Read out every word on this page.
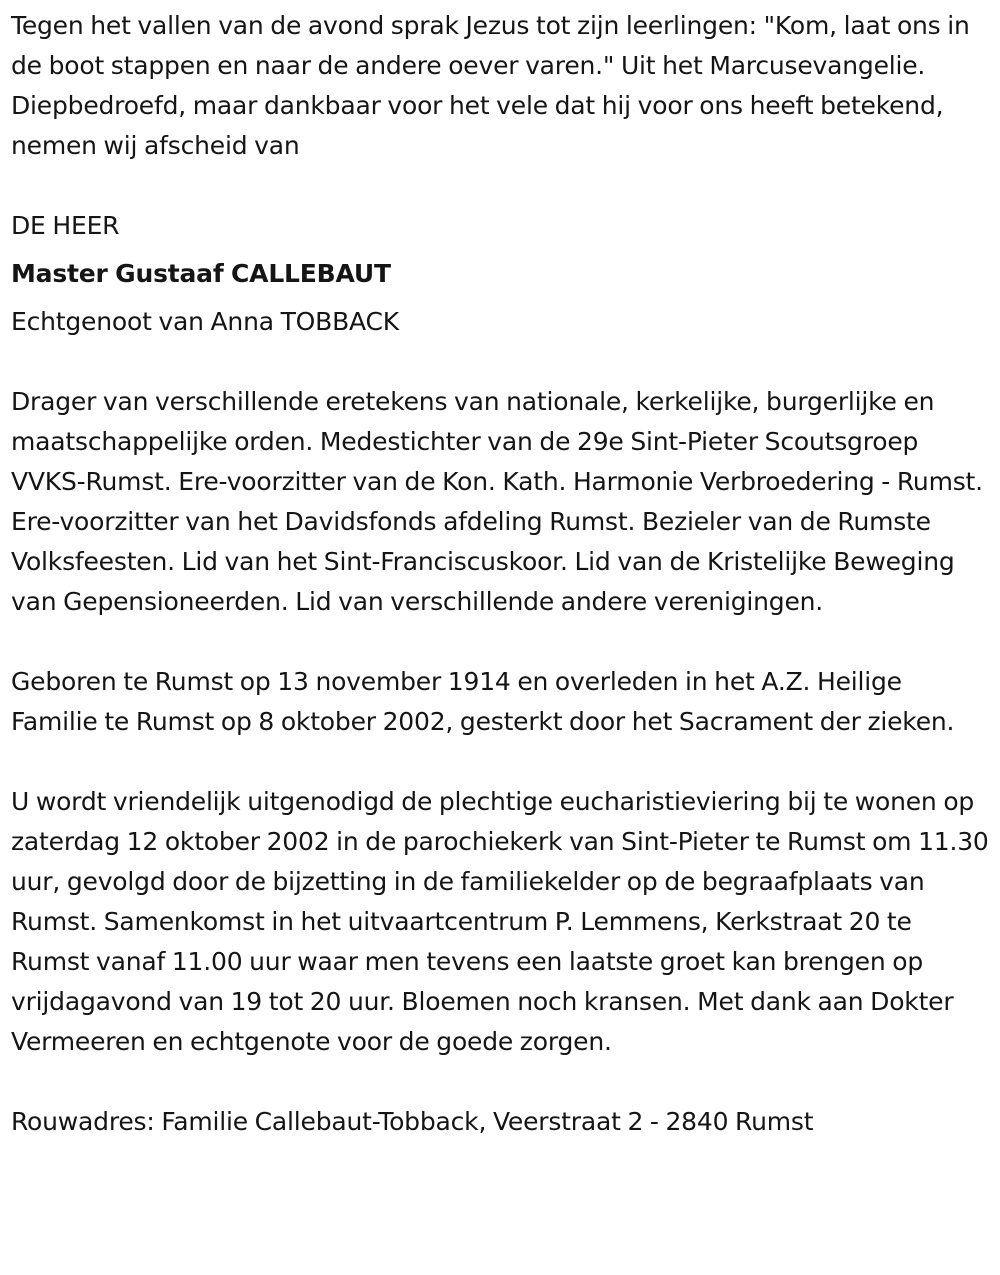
Tegen het vallen van de avond sprak Jezus tot zijn leerlingen: "Kom, laat ons in de boot stappen en naar de andere oever varen." Uit het Marcusevangelie. Diepbedroefd, maar dankbaar voor het vele dat hij voor ons heeft betekend, nemen wij afscheid van

DE HEER

Master Gustaaf CALLEBAUT

Echtgenoot van Anna TOBBACK

Drager van verschillende eretekens van nationale, kerkelijke, burgerlijke en maatschappelijke orden. Medestichter van de 29e Sint-Pieter Scoutsgroep VVKS-Rumst. Ere-voorzitter van de Kon. Kath. Harmonie Verbroedering - Rumst. Ere-voorzitter van het Davidsfonds afdeling Rumst. Bezieler van de Rumste Volksfeesten. Lid van het Sint-Franciscuskoor. Lid van de Kristelijke Beweging van Gepensioneerden. Lid van verschillende andere verenigingen.

Geboren te Rumst op 13 november 1914 en overleden in het A.Z. Heilige Familie te Rumst op 8 oktober 2002, gesterkt door het Sacrament der zieken.

U wordt vriendelijk uitgenodigd de plechtige eucharistieviering bij te wonen op zaterdag 12 oktober 2002 in de parochiekerk van Sint-Pieter te Rumst om 11.30 uur, gevolgd door de bijzetting in de familiekelder op de begraafplaats van Rumst. Samenkomst in het uitvaartcentrum P. Lemmens, Kerkstraat 20 te Rumst vanaf 11.00 uur waar men tevens een laatste groet kan brengen op vrijdagavond van 19 tot 20 uur. Bloemen noch kransen. Met dank aan Dokter Vermeeren en echtgenote voor de goede zorgen.

Rouwadres: Familie Callebaut-Tobback, Veerstraat 2 - 2840 Rumst
